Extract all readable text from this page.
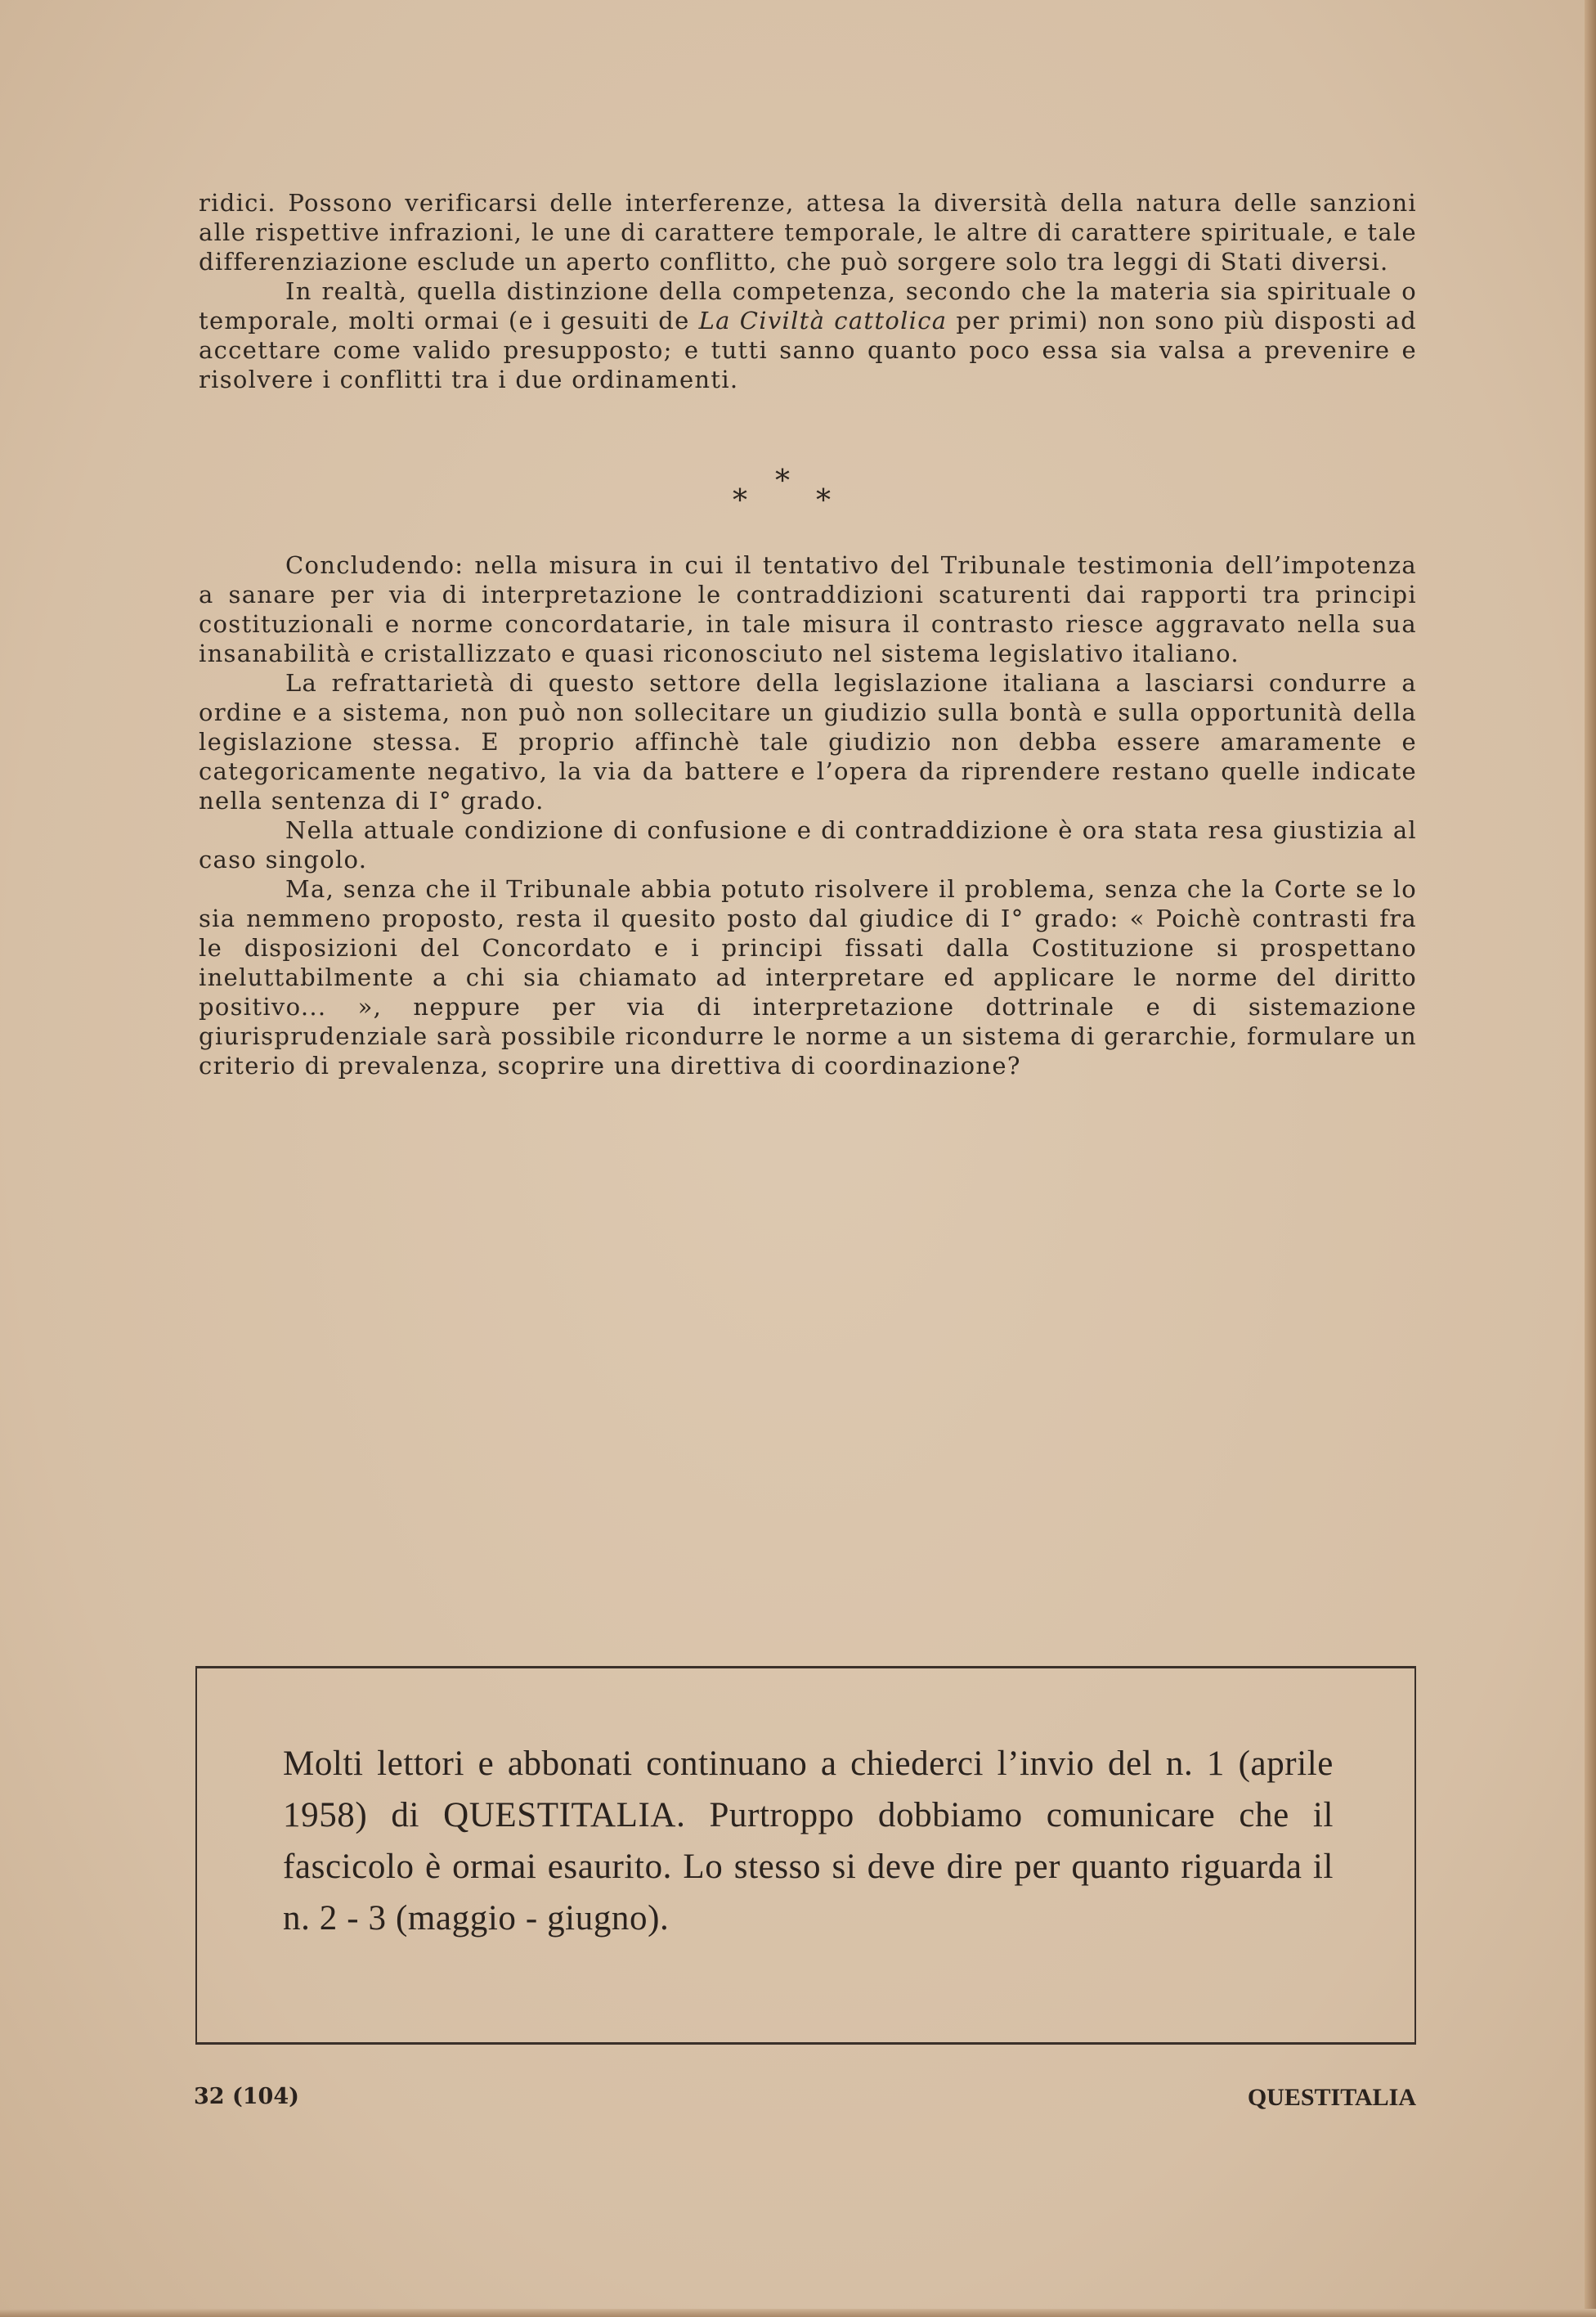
ridici. Possono verificarsi delle interferenze, attesa la diversità della natura delle sanzioni alle rispettive infrazioni, le une di carattere temporale, le altre di carattere spirituale, e tale differenziazione esclude un aperto conflitto, che può sorgere solo tra leggi di Stati diversi.

In realtà, quella distinzione della competenza, secondo che la materia sia spirituale o temporale, molti ormai (e i gesuiti de La Civiltà cattolica per primi) non sono più disposti ad accettare come valido presupposto; e tutti sanno quanto poco essa sia valsa a prevenire e risolvere i conflitti tra i due ordinamenti.

*
* *

Concludendo: nella misura in cui il tentativo del Tribunale testimonia dell’impotenza a sanare per via di interpretazione le contraddizioni scaturenti dai rapporti tra principi costituzionali e norme concordatarie, in tale misura il contrasto riesce aggravato nella sua insanabilità e cristallizzato e quasi riconosciuto nel sistema legislativo italiano.

La refrattarietà di questo settore della legislazione italiana a lasciarsi condurre a ordine e a sistema, non può non sollecitare un giudizio sulla bontà e sulla opportunità della legislazione stessa. E proprio affinchè tale giudizio non debba essere amaramente e categoricamente negativo, la via da battere e l’opera da riprendere restano quelle indicate nella sentenza di I° grado.

Nella attuale condizione di confusione e di contraddizione è ora stata resa giustizia al caso singolo.

Ma, senza che il Tribunale abbia potuto risolvere il problema, senza che la Corte se lo sia nemmeno proposto, resta il quesito posto dal giudice di I° grado: « Poichè contrasti fra le disposizioni del Concordato e i principi fissati dalla Costituzione si prospettano ineluttabilmente a chi sia chiamato ad interpretare ed applicare le norme del diritto positivo... », neppure per via di interpretazione dottrinale e di sistemazione giurisprudenziale sarà possibile ricondurre le norme a un sistema di gerarchie, formulare un criterio di prevalenza, scoprire una direttiva di coordinazione?

Molti lettori e abbonati continuano a chiederci l’invio del n. 1 (aprile 1958) di QUESTITALIA. Purtroppo dobbiamo comunicare che il fascicolo è ormai esaurito. Lo stesso si deve dire per quanto riguarda il n. 2 - 3 (maggio - giugno).

32 (104)	QUESTITALIA
